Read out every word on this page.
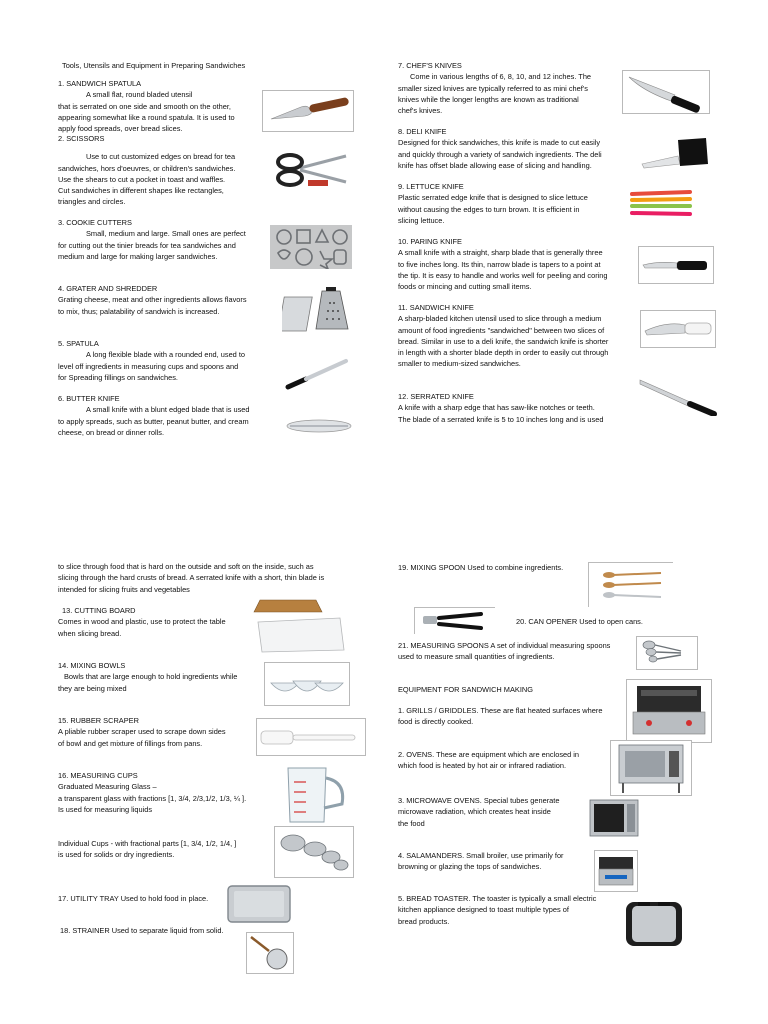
Tools, Utensils and Equipment in Preparing Sandwiches
1. SANDWICH SPATULA

A small flat, round bladed utensil

that is serrated on one side and smooth on the other,

appearing somewhat like a round spatula. It is used to

apply food spreads, over bread slices.

2. SCISSORS

Use to cut customized edges on bread for tea

sandwiches, hors d'oeuvres, or children's sandwiches.

Use the shears to cut a pocket in toast and waffles.

Cut sandwiches in different shapes like rectangles,

triangles and circles.

3. COOKIE CUTTERS

Small, medium and large. Small ones are perfect

for cutting out the tinier breads for tea sandwiches and

medium and large for making larger sandwiches.

4. GRATER AND SHREDDER

Grating cheese, meat and other ingredients allows flavors

to mix, thus; palatability of sandwich is increased.

5. SPATULA

A long flexible blade with a rounded end, used to

level off ingredients in measuring cups and spoons and

for Spreading fillings on sandwiches.

6. BUTTER KNIFE

A small knife with a blunt edged blade that is used

to apply spreads, such as butter, peanut butter, and cream

cheese, on bread or dinner rolls.

7. CHEF'S KNIVES

Come in various lengths of 6, 8, 10, and 12 inches. The

smaller sized knives are typically referred to as mini chef's

knives while the longer lengths are known as traditional

chef's knives.

8. DELI KNIFE

Designed for thick sandwiches, this knife is made to cut easily

and quickly through a variety of sandwich ingredients. The deli

knife has offset blade allowing ease of slicing and handling.

9. LETTUCE KNIFE

Plastic serrated edge knife that is designed to slice lettuce

without causing the edges to turn brown. It is efficient in

slicing lettuce.

10. PARING KNIFE

A small knife with a straight, sharp blade that is generally three

to five inches long. Its thin, narrow blade is tapers to a point at

the tip. It is easy to handle and works well for peeling and coring

foods or mincing and cutting small items.

11. SANDWICH KNIFE

A sharp-bladed kitchen utensil used to slice through a medium

amount of food ingredients "sandwiched" between two slices of

bread. Similar in use to a deli knife, the sandwich knife is shorter

in length with a shorter blade depth in order to easily cut through

smaller to medium-sized sandwiches.

12. SERRATED KNIFE

A knife with a sharp edge that has saw-like notches or teeth.

The blade of a serrated knife is 5 to 10 inches long and is used

to slice through food that is hard on the outside and soft on the inside, such as

slicing through the hard crusts of bread. A serrated knife with a short, thin blade is

intended for slicing fruits and vegetables

13. CUTTING BOARD

Comes in wood and plastic, use to protect the table

when slicing bread.

14. MIXING BOWLS

Bowls that are large enough to hold ingredients while

they are being mixed

15. RUBBER SCRAPER

A pliable rubber scraper used to scrape down sides

of bowl and get mixture of fillings from pans.

16. MEASURING CUPS

Graduated Measuring Glass –

a transparent glass with fractions [1, 3/4, 2/3,1/2, 1/3, ¼ ].

Is used for measuring liquids

Individual Cups - with fractional parts [1, 3/4, 1/2, 1/4, ]

is used for solids or dry ingredients.

17. UTILITY TRAY Used to hold food in place.
18. STRAINER Used to separate liquid from solid.
19. MIXING SPOON Used to combine ingredients.
20. CAN OPENER Used to open cans.

21. MEASURING SPOONS A set of individual measuring spoons

used to measure small quantities of ingredients.

EQUIPMENT FOR SANDWICH MAKING

1. GRILLS / GRIDDLES. These are flat heated surfaces where

food is directly cooked.

2. OVENS. These are equipment which are enclosed in

which food is heated by hot air or infrared radiation.

3. MICROWAVE OVENS. Special tubes generate

microwave radiation, which creates heat inside

the food

4. SALAMANDERS. Small broiler, use primarily for

browning or glazing the tops of sandwiches.

5. BREAD TOASTER. The toaster is typically a small electric

kitchen appliance designed to toast multiple types of

bread products.
